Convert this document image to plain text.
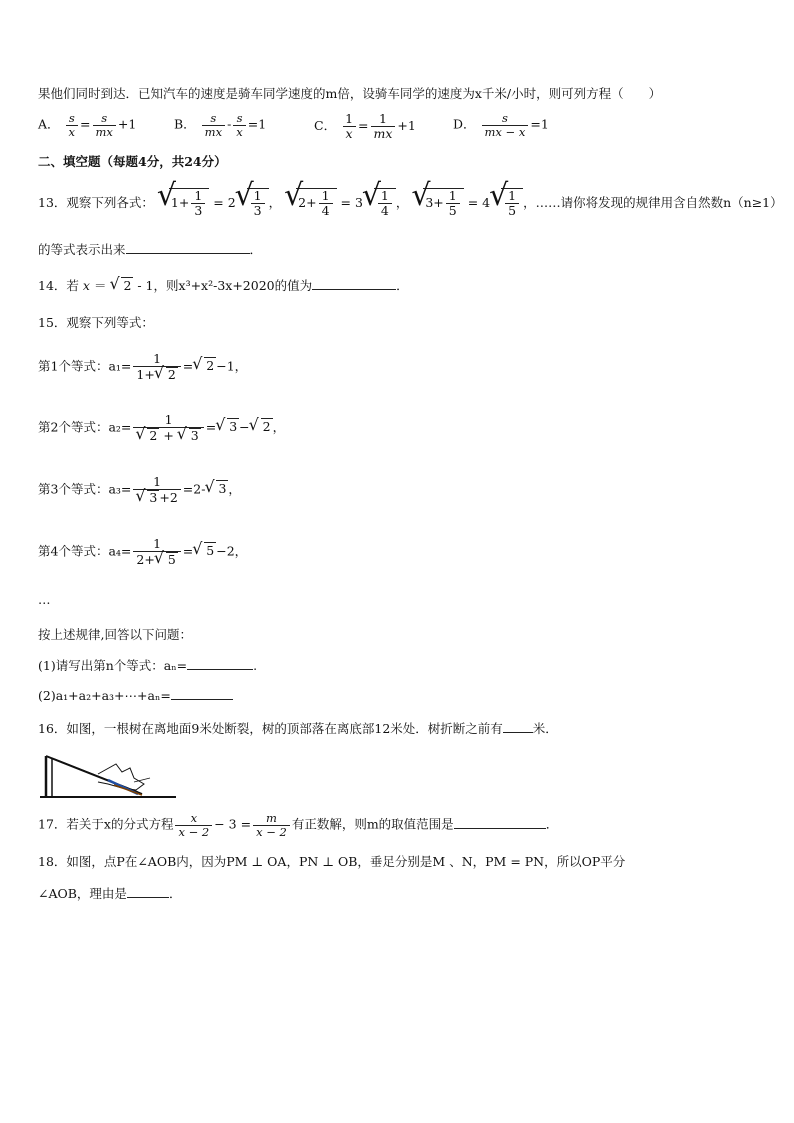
果他们同时到达．已知汽车的速度是骑车同学速度的m倍，设骑车同学的速度为x千米/小时，则可列方程（　　）
A． $\frac{s}{x} = \frac{s}{mx} +1$	B． $\frac{s}{mx} - \frac{s}{x} =1$	C． $\frac{1}{x} = \frac{1}{mx} +1$	D． $\frac{s}{mx - x} =1$
二、填空题（每题4分，共24分）
13．观察下列各式： √ $1+ \frac{1}{3} = 2$ √ $\frac{1}{3}$ ， √ $2+ \frac{1}{4} = 3$ √ $\frac{1}{4}$ ， √ $3+ \frac{1}{5} = 4$ √ $\frac{1}{5}$ ，……请你将发现的规律用含自然数n（n≥1）
的等式表示出来	．
14．若 x ＝ √ 2 - 1，则x³+x²-3x+2020的值为	．
15．观察下列等式：
第1个等式：$a_1= \frac{1}{1+ √ 2}$ = √ 2 −1，
第2个等式：a₂= 1
√ 2 + √ 3 = √ 3 − √ 2 ，
第3个等式：a₃= 1
√ 3 +2 =2- √ 3 ，
第4个等式：$a_4= \frac{1}{2+ √ 5}$ = √ 5 −2，
…
按上述规律,回答以下问题：
(1)请写出第n个等式：aₙ=	.
(2)a₁+a₂+a₃+⋯+aₙ=
16．如图，一根树在离地面9米处断裂，树的顶部落在离底部12米处．树折断之前有 米．
17．若关于x的分式方程 $\frac{x}{x - 2} - 3 = \frac{m}{x - 2}$ 有正数解，则m的取值范围是	．
18．如图，点P在∠AOB内，因为PM ⊥ OA，PN ⊥ OB，垂足分别是M 、N，PM = PN，所以OP平分
∠AOB，理由是	．
